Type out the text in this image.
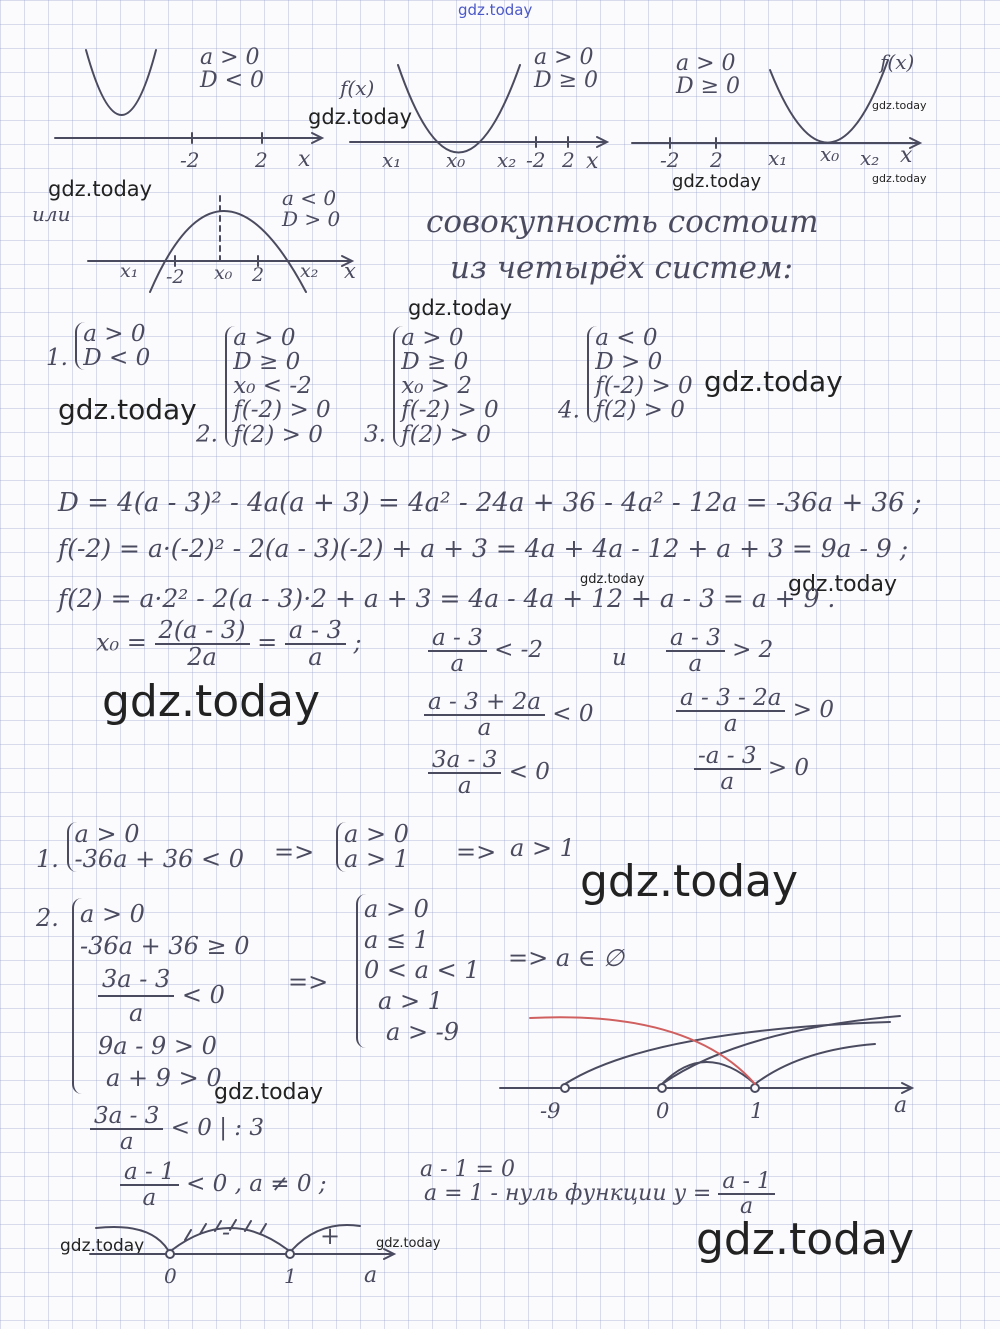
gdz.today
gdz.today	gdz.today
gdz.today
gdz.today	gdz.today
gdz.today
gdz.today
gdz.today
gdz.today	gdz.today
gdz.today
gdz.today
gdz.today
gdz.today	gdz.today	gdz.today
a > 0
D < 0
-2	2 x
f(x)
a > 0
D ≥ 0
x₁ x₀ x₂ -2 2 x
a > 0
D ≥ 0
f(x)
-2 2 x₁ x₀ x₂ x
или
a < 0
D > 0
x₁ -2 x₀ 2 x₂ x
совокупность состоит
из четырёх систем:
1.
a > 0
D < 0
2.
a > 0
D ≥ 0
x₀ < -2
f(-2) > 0
f(2) > 0	3.
a > 0
D ≥ 0
x₀ > 2
f(-2) > 0
f(2) > 0
4.
a < 0
D > 0
f(-2) > 0
f(2) > 0
D = 4(a - 3)² - 4a(a + 3) = 4a² - 24a + 36 - 4a² - 12a = -36a + 36 ;
f(-2) = a·(-2)² - 2(a - 3)(-2) + a + 3 = 4a + 4a - 12 + a + 3 = 9a - 9 ;
f(2) = a·2² - 2(a - 3)·2 + a + 3 = 4a - 4a + 12 + a - 3 = a + 9 .
$x_0 = \frac{2(a - 3)}{2a} = \frac{a - 3}{a}$ ;	$\frac{a - 3}{a} < -2$	и $\frac{a - 3}{a} > 2$
$\frac{a - 3 + 2a}{a} < 0$
$\frac{3a - 3}{a} < 0$
$\frac{a - 3 - 2a}{a} > 0$
$\frac{-a - 3}{a} > 0$
1.
a > 0
-36a + 36 < 0 =>
a > 0
a > 1 => a > 1
2. a > 0
-36a + 36 ≥ 0
$\frac{3a - 3}{a} < 0$
9a - 9 > 0
a + 9 > 0
=>
a > 0
a ≤ 1
0 < a < 1
a > 1
a > -9
=> a ∈ ∅
-9	0	1	a
$\frac{3a - 3}{a} < 0$ | : 3
$\frac{a - 1}{a} < 0$ , a ≠ 0 ;
a - 1 = 0
a = 1 - нуль функции $y = \frac{a - 1}{a}$
-	+
0	1	a
